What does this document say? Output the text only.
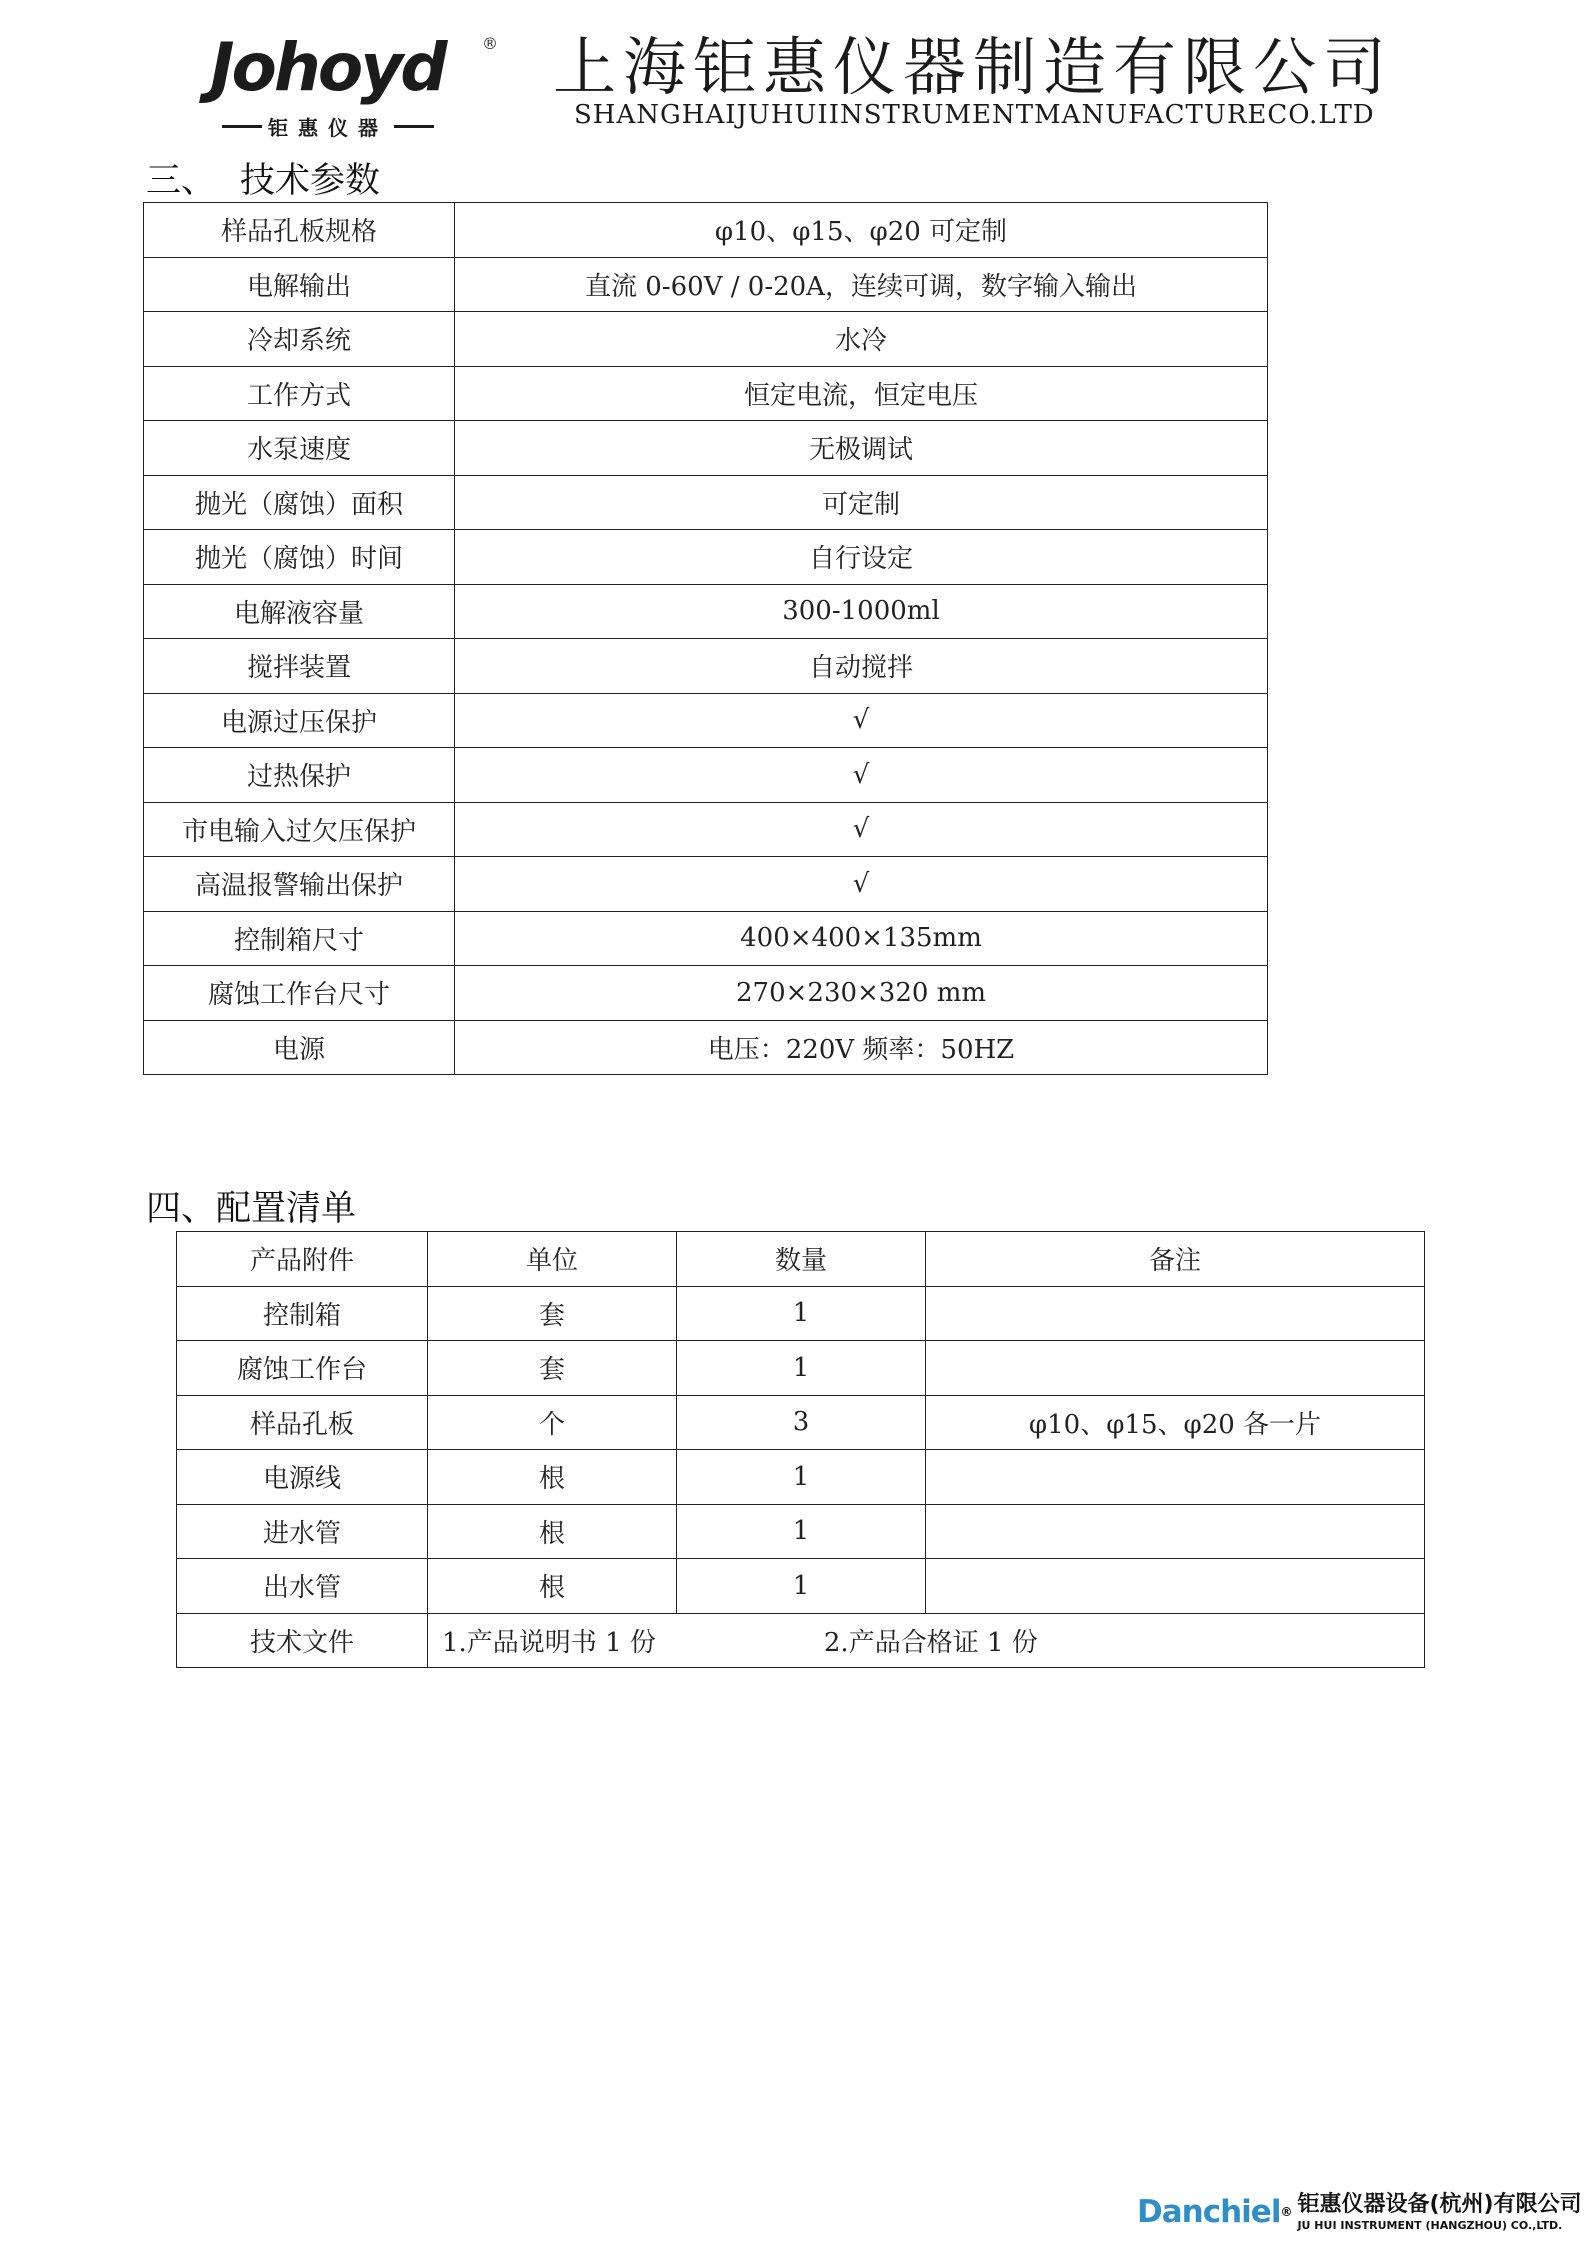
Johoyd ®
钜惠仪器
上海钜惠仪器制造有限公司
SHANGHAIJUHUIINSTRUMENTMANUFACTURECO.LTD
三、 技术参数
样品孔板规格	φ10、φ15、φ20 可定制
电解输出	直流 0-60V / 0-20A，连续可调，数字输入输出
冷却系统	水冷
工作方式	恒定电流，恒定电压
水泵速度	无极调试
抛光（腐蚀）面积	可定制
抛光（腐蚀）时间	自行设定
电解液容量	300-1000ml
搅拌装置	自动搅拌
电源过压保护	√
过热保护	√
市电输入过欠压保护	√
高温报警输出保护	√
控制箱尺寸	400×400×135mm
腐蚀工作台尺寸	270×230×320 mm
电源	电压：220V 频率：50HZ
四、配置清单
产品附件	单位	数量	备注
控制箱	套	1	
腐蚀工作台	套	1	
样品孔板	个	3	φ10、φ15、φ20 各一片
电源线	根	1	
进水管	根	1	
出水管	根	1	
技术文件	1.产品说明书 1 份 2.产品合格证 1 份		
Danchiel® 钜惠仪器设备(杭州)有限公司
JU HUI INSTRUMENT (HANGZHOU) CO.,LTD.
